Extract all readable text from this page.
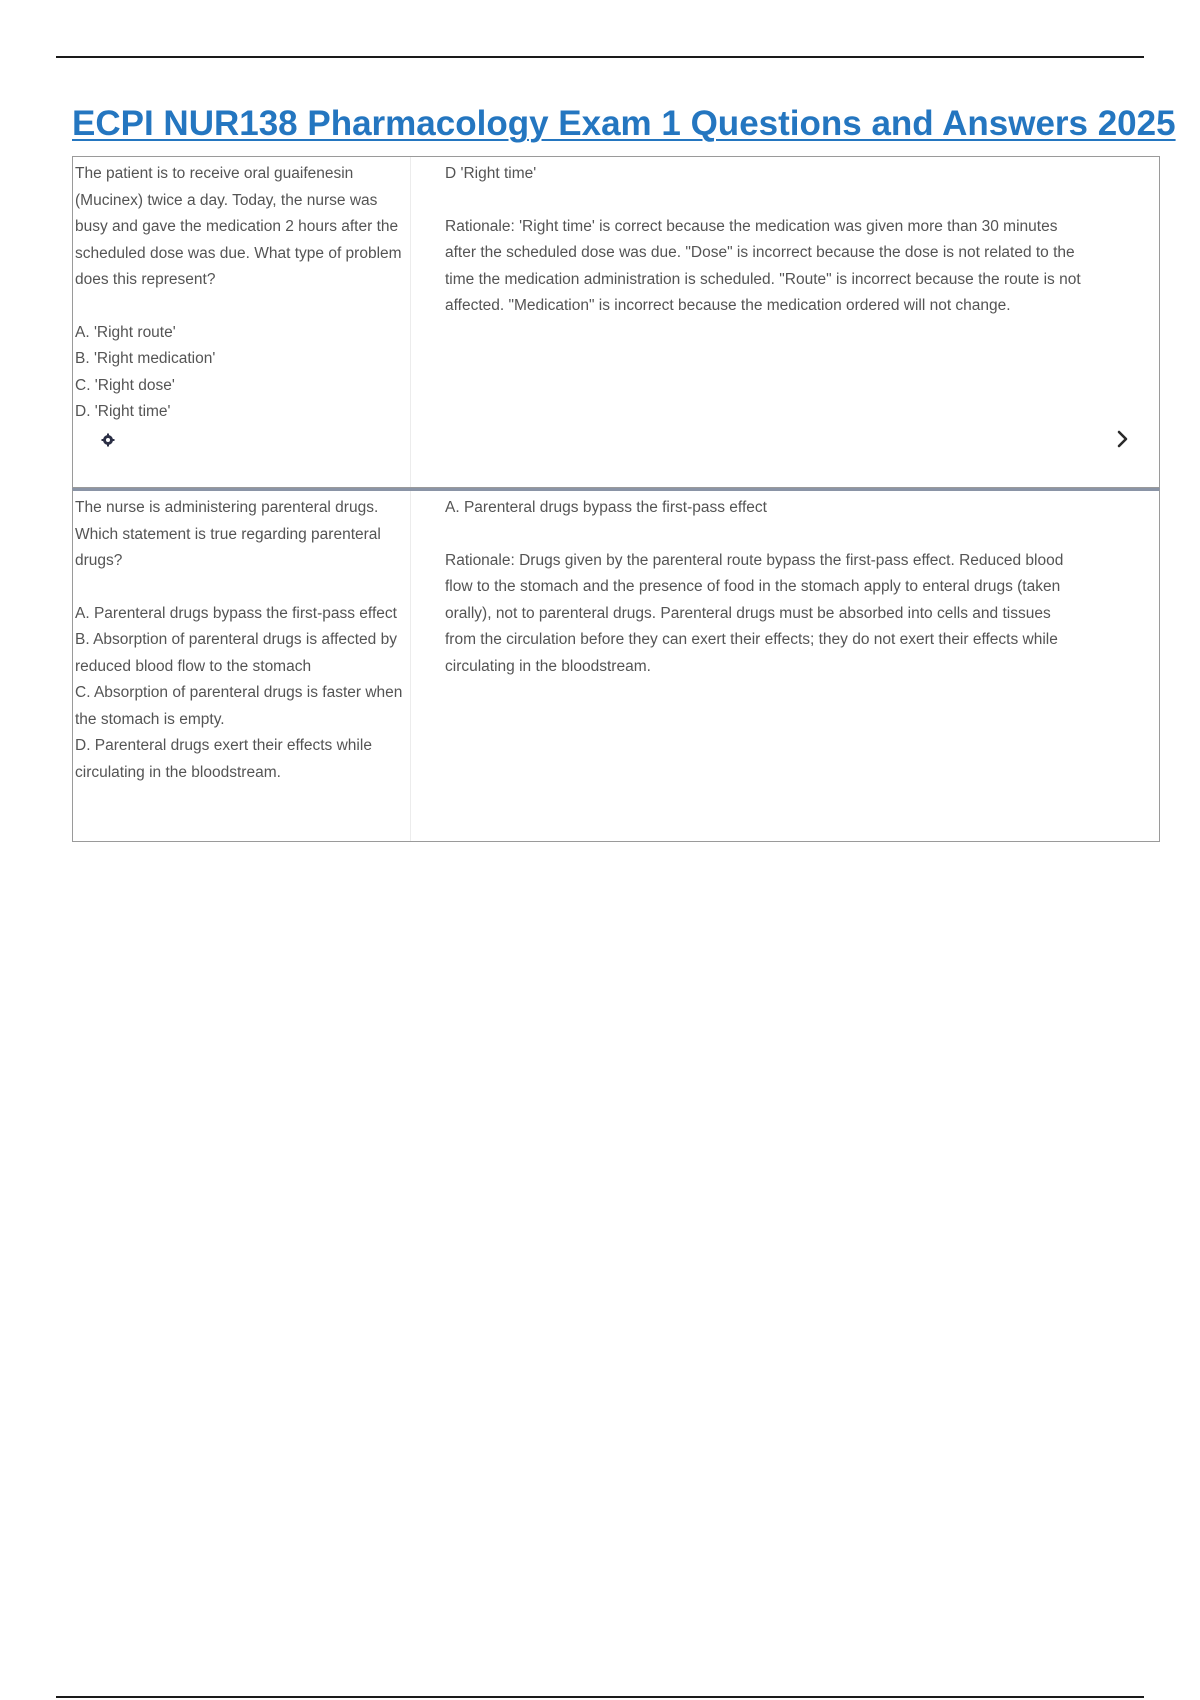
ECPI NUR138 Pharmacology Exam 1 Questions and Answers 2025
The patient is to receive oral guaifenesin (Mucinex) twice a day. Today, the nurse was busy and gave the medication 2 hours after the scheduled dose was due. What type of problem does this represent?
A. 'Right route'
B. 'Right medication'
C. 'Right dose'
D. 'Right time'
D 'Right time'
Rationale: 'Right time' is correct because the medication was given more than 30 minutes after the scheduled dose was due. "Dose" is incorrect because the dose is not related to the time the medication administration is scheduled. "Route" is incorrect because the route is not affected. "Medication" is incorrect because the medication ordered will not change.
The nurse is administering parenteral drugs. Which statement is true regarding parenteral drugs?
A. Parenteral drugs bypass the first-pass effect
B. Absorption of parenteral drugs is affected by reduced blood flow to the stomach
C. Absorption of parenteral drugs is faster when the stomach is empty.
D. Parenteral drugs exert their effects while circulating in the bloodstream.
A. Parenteral drugs bypass the first-pass effect
Rationale: Drugs given by the parenteral route bypass the first-pass effect. Reduced blood flow to the stomach and the presence of food in the stomach apply to enteral drugs (taken orally), not to parenteral drugs. Parenteral drugs must be absorbed into cells and tissues from the circulation before they can exert their effects; they do not exert their effects while circulating in the bloodstream.
